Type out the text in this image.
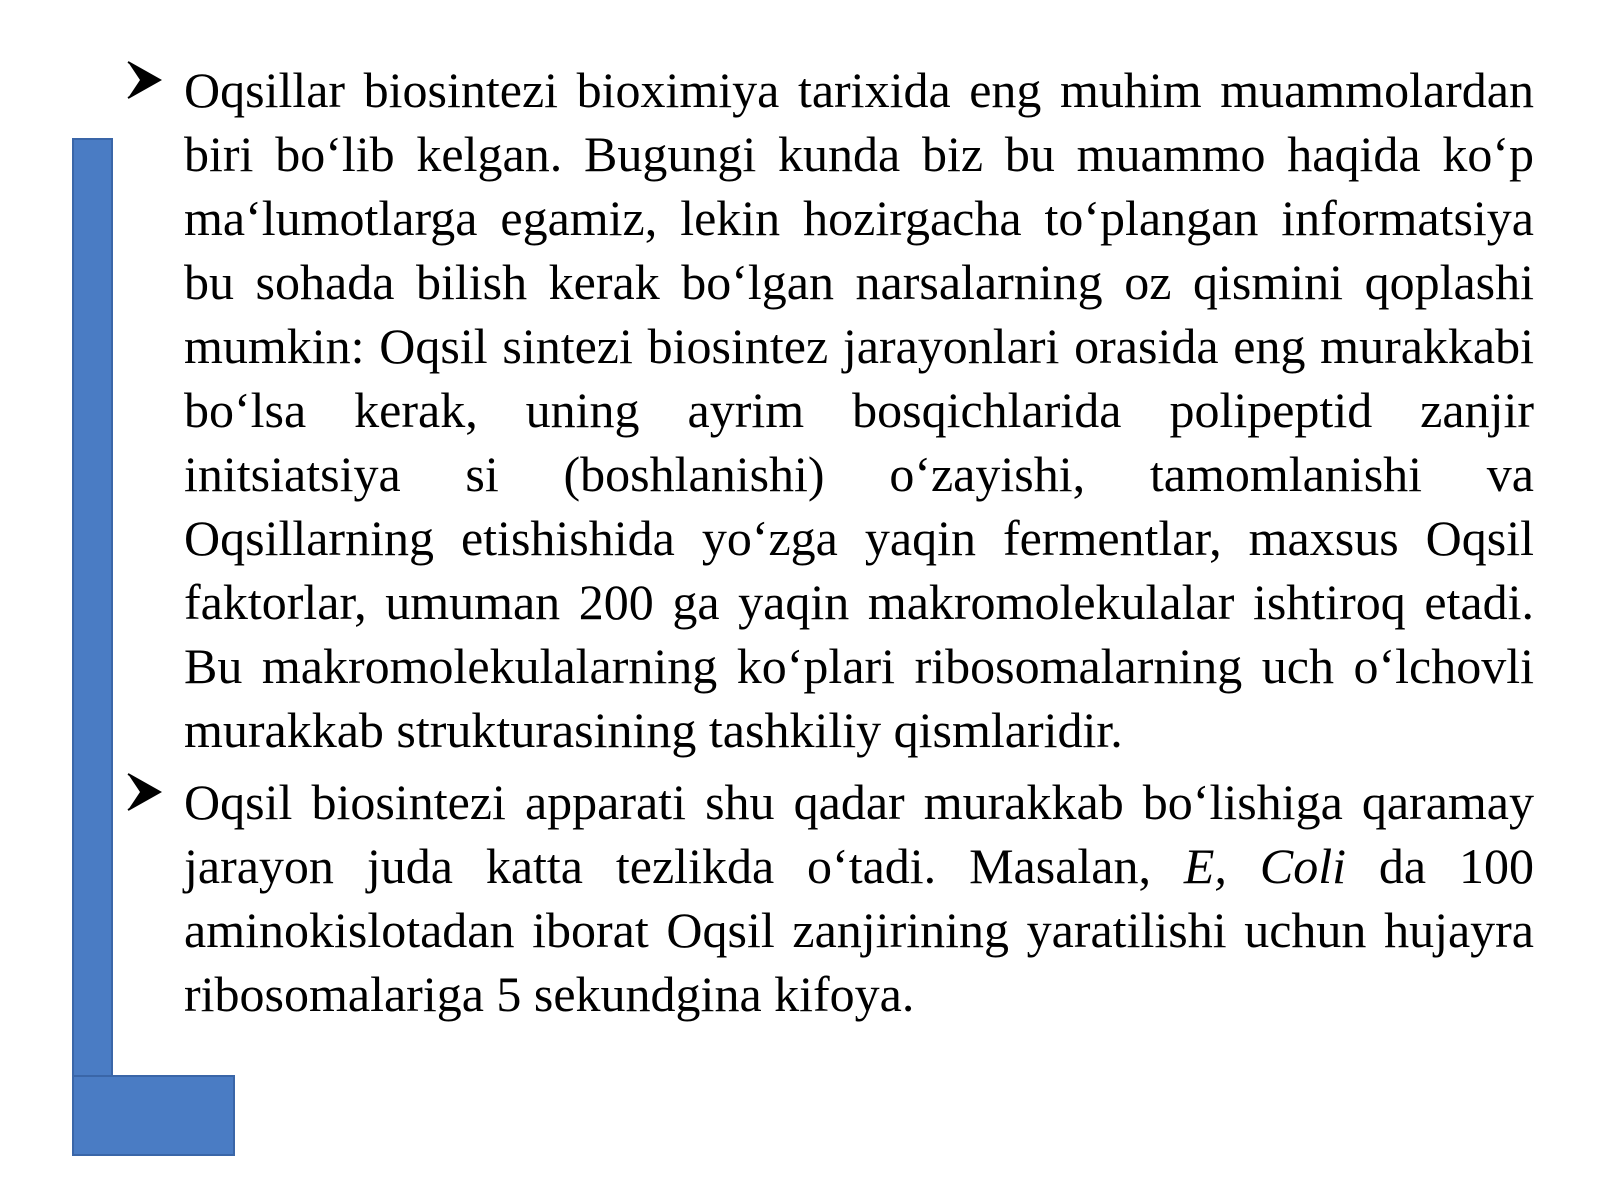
Oqsillar biosintezi bioximiya tarixida eng muhim muammolardan biri bo‘lib kelgan. Bugungi kunda biz bu muammo haqida ko‘p ma‘lumotlarga egamiz, lekin hozirgacha to‘plangan informatsiya bu sohada bilish kerak bo‘lgan narsalarning oz qismini qoplashi mumkin: Oqsil sintezi biosintez jarayonlari orasida eng murakkabi bo‘lsa kerak, uning ayrim bosqichlarida polipeptid zanjir initsiatsiya si (boshlanishi) o‘zayishi, tamomlanishi va Oqsillarning etishishida yo‘zga yaqin fermentlar, maxsus Oqsil faktorlar, umuman 200 ga yaqin makromolekulalar ishtiroq etadi. Bu makromolekulalarning ko‘plari ribosomalarning uch o‘lchovli murakkab strukturasining tashkiliy qismlaridir.

Oqsil biosintezi apparati shu qadar murakkab bo‘lishiga qaramay jarayon juda katta tezlikda o‘tadi. Masalan, E, Coli da 100 aminokislotadan iborat Oqsil zanjirining yaratilishi uchun hujayra ribosomalariga 5 sekundgina kifoya.
